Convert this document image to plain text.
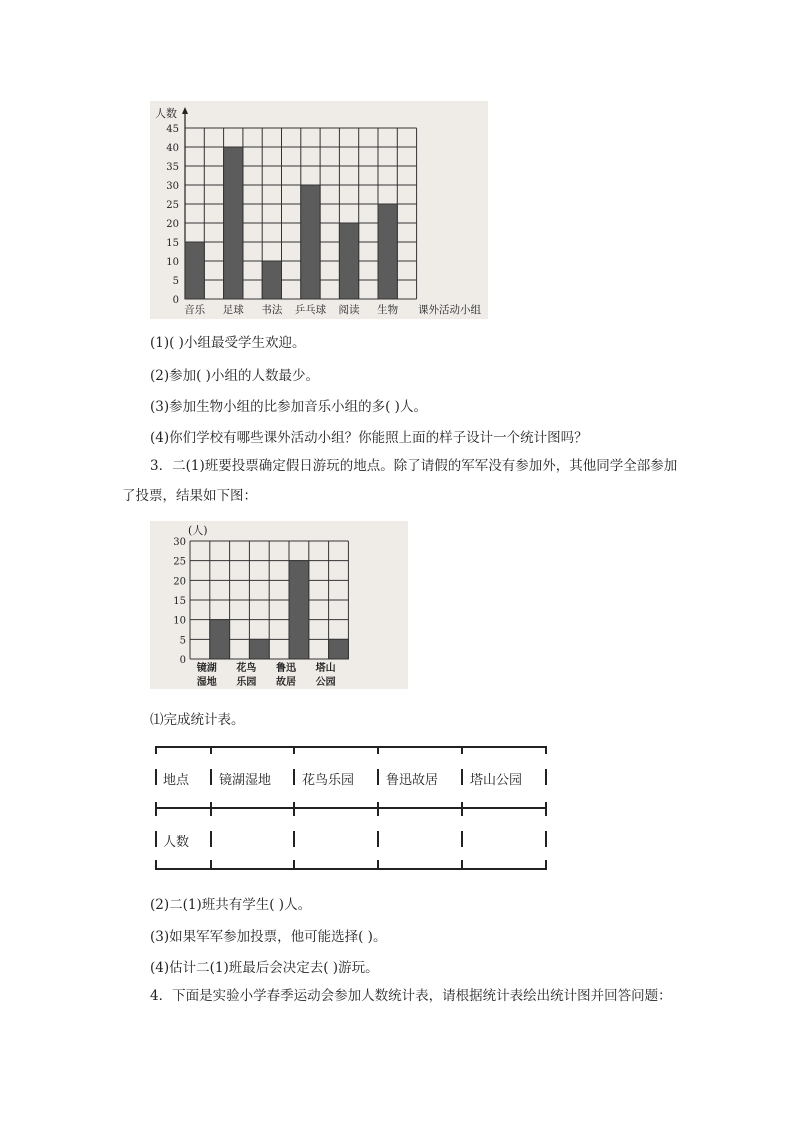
0
5
10
15
20
25
30
35
40
45
人数
音乐 足球 书法 乒乓球 阅读 生物 课外活动小组
(1)( )小组最受学生欢迎。
(2)参加( )小组的人数最少。
(3)参加生物小组的比参加音乐小组的多( )人。
(4)你们学校有哪些课外活动小组？你能照上面的样子设计一个统计图吗？
3．二(1)班要投票确定假日游玩的地点。除了请假的军军没有参加外，其他同学全部参加了投票，结果如下图：
0
5
10
15
20
25
30
(人)
镜湖
湿地
花鸟
乐园
鲁迅
故居
塔山
公园
⑴完成统计表。
地点 镜湖湿地 花鸟乐园 鲁迅故居 塔山公园
人数
(2)二(1)班共有学生( )人。
(3)如果军军参加投票，他可能选择( )。
(4)估计二(1)班最后会决定去( )游玩。
4．下面是实验小学春季运动会参加人数统计表，请根据统计表绘出统计图并回答问题：
